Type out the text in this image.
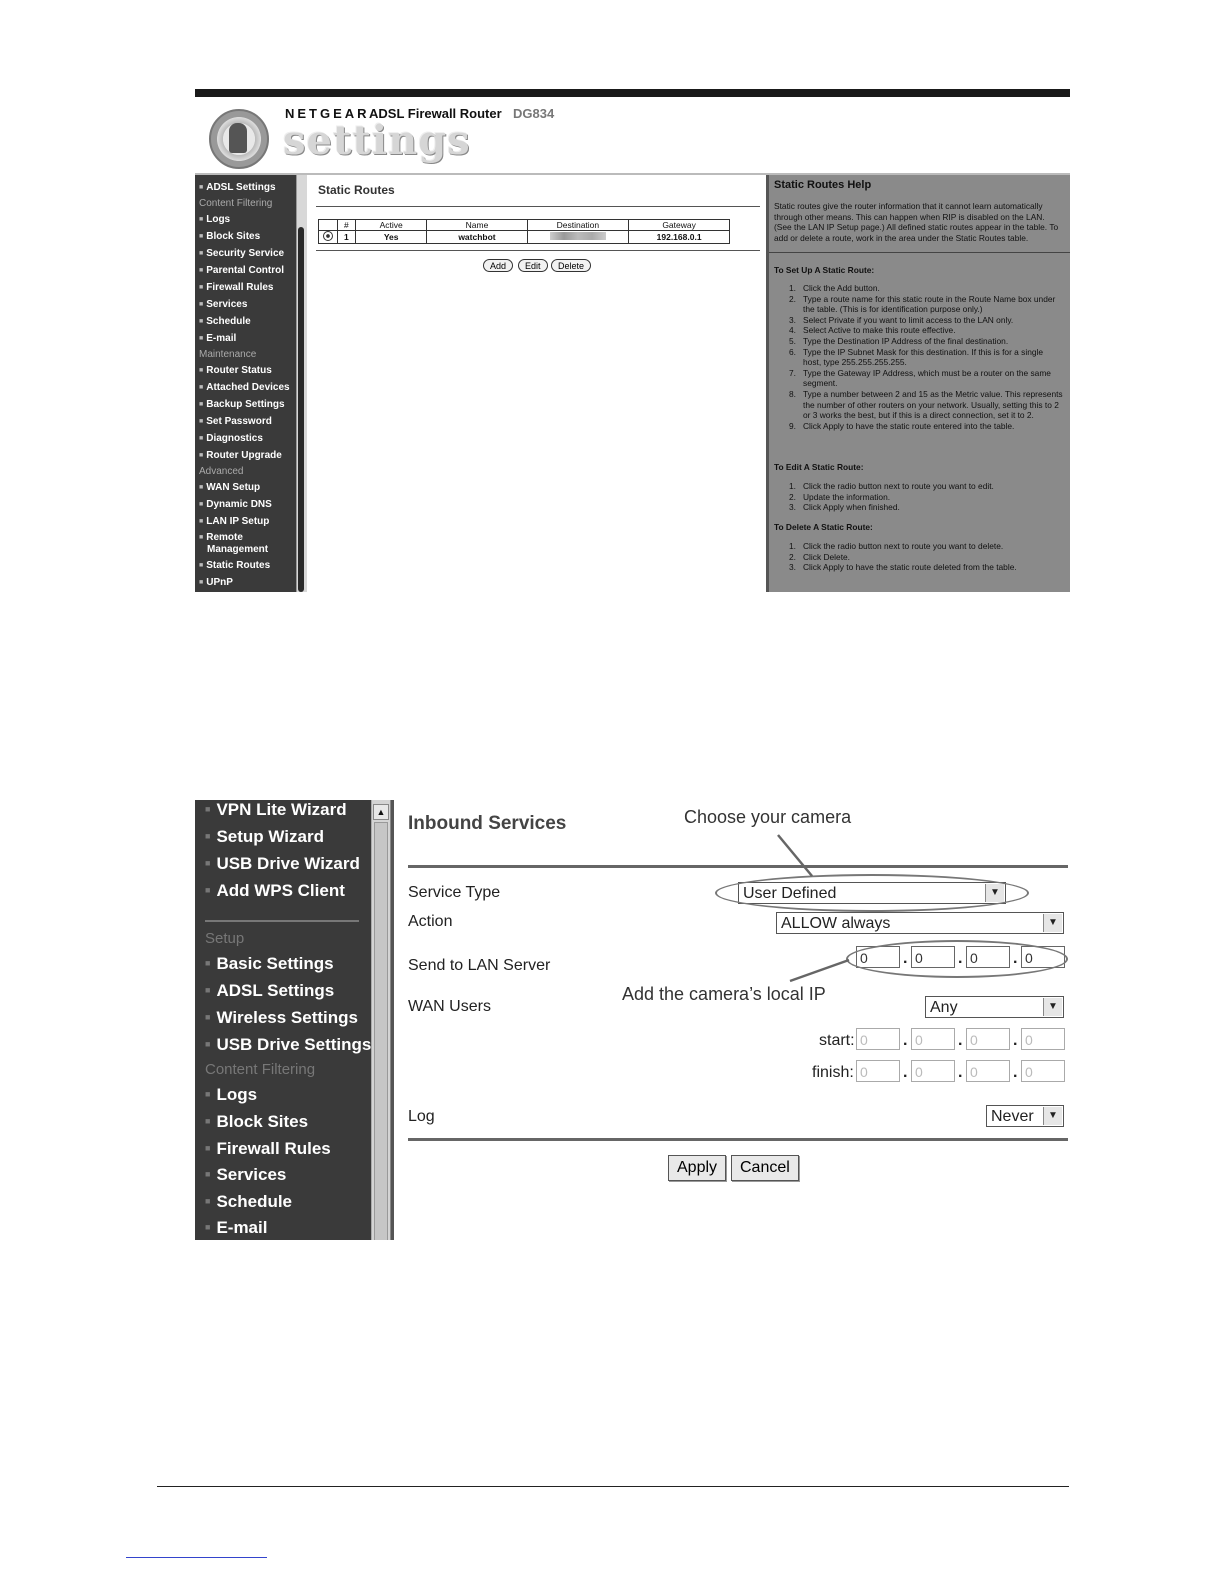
NETGEAR ADSL Firewall Router DG834
settings
■ ADSL Settings
Content Filtering
■ Logs
■ Block Sites
■ Security Service
■ Parental Control
■ Firewall Rules
■ Services
■ Schedule
■ E-mail
Maintenance
■ Router Status
■ Attached Devices
■ Backup Settings
■ Set Password
■ Diagnostics
■ Router Upgrade
Advanced
■ WAN Setup
■ Dynamic DNS
■ LAN IP Setup
■ Remote
Management
■ Static Routes
■ UPnP
Static Routes
	#	Active	Name	Destination	Gateway
	1	Yes	watchbot		192.168.0.1
Add	Edit	Delete
Static Routes Help
Static routes give the router information that it cannot learn automatically through other means. This can happen when RIP is disabled on the LAN. (See the LAN IP Setup page.) All defined static routes appear in the table. To add or delete a route, work in the area under the Static Routes table.
To Set Up A Static Route:
1. Click the Add button.
2. Type a route name for this static route in the Route Name box under the table. (This is for identification purpose only.)
3. Select Private if you want to limit access to the LAN only.
4. Select Active to make this route effective.
5. Type the Destination IP Address of the final destination.
6. Type the IP Subnet Mask for this destination. If this is for a single host, type 255.255.255.255.
7. Type the Gateway IP Address, which must be a router on the same segment.
8. Type a number between 2 and 15 as the Metric value. This represents the number of other routers on your network. Usually, setting this to 2 or 3 works the best, but if this is a direct connection, set it to 2.
9. Click Apply to have the static route entered into the table.
To Edit A Static Route:
1. Click the radio button next to route you want to edit.
2. Update the information.
3. Click Apply when finished.
To Delete A Static Route:
1. Click the radio button next to route you want to delete.
2. Click Delete.
3. Click Apply to have the static route deleted from the table.
■ VPN Lite Wizard
■ Setup Wizard
■ USB Drive Wizard
■ Add WPS Client
Setup
■ Basic Settings
■ ADSL Settings
■ Wireless Settings
■ USB Drive Settings
Content Filtering
■ Logs
■ Block Sites
■ Firewall Rules
■ Services
■ Schedule
■ E-mail
▲
Inbound Services
Service Type	User Defined	▼
Action	ALLOW always	▼
Send to LAN Server	0	. 0	. 0	. 0
WAN Users	Any	▼
start: 0	. 0	. 0	. 0
finish: 0	. 0	. 0	. 0
Log	Never	▼
Apply	Cancel
Choose your camera
Add the camera’s local IP
